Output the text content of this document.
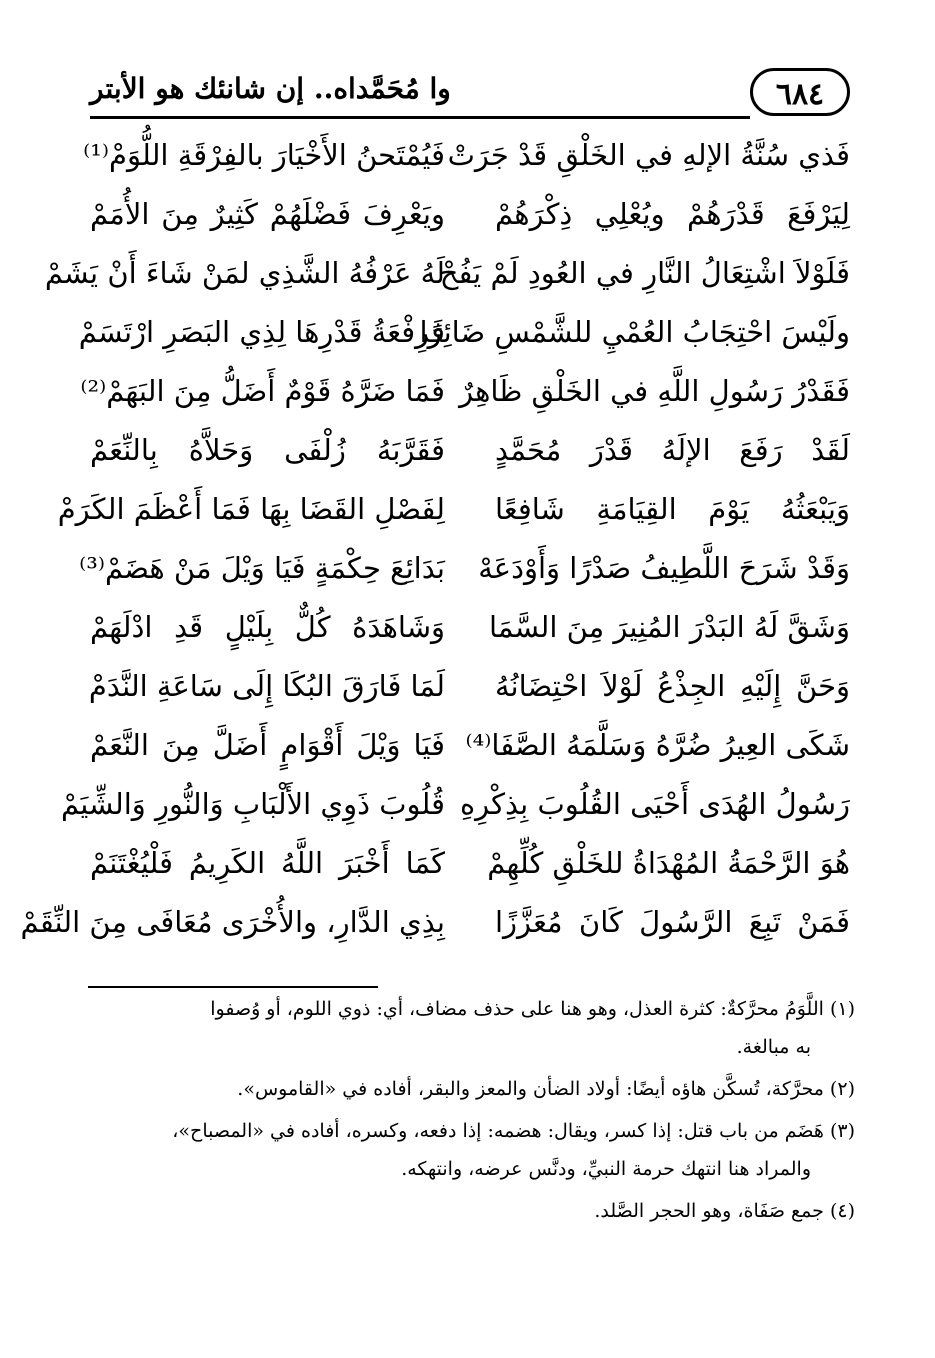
٦٨٤
وا مُحَمَّداه.. إن شانئك هو الأبتر
فَذي سُنَّةُ الإلهِ في الخَلْقِ قَدْ جَرَتْ
فَيُمْتَحنُ الأَخْيَارَ بالفِرْقَةِ اللُّوَمْ⁽¹⁾
لِيَرْفَعَ قَدْرَهُمْ ويُعْلِي ذِكْرَهُمْ
ويَعْرِفَ فَضْلَهُمْ كَثِيرٌ مِنَ الأُمَمْ
فَلَوْلاَ اشْتِعَالُ النَّارِ في العُودِ لَمْ يَفُحْ
لَهُ عَرْفُهُ الشَّذِي لمَنْ شَاءَ أَنْ يَشَمْ
ولَيْسَ احْتِجَابُ العُمْيِ للشَّمْسِ ضَائِرًا
فَرِفْعَةُ قَدْرِهَا لِذِي البَصَرِ ارْتَسَمْ
فَقَدْرُ رَسُولِ اللَّهِ في الخَلْقِ ظَاهِرٌ
فَمَا ضَرَّهُ قَوْمٌ أَضَلُّ مِنَ البَهَمْ⁽²⁾
لَقَدْ رَفَعَ الإلَهُ قَدْرَ مُحَمَّدٍ
فَقَرَّبَهُ زُلْفَى وَحَلاَّهُ بِالنِّعَمْ
وَيَبْعَثُهُ يَوْمَ القِيَامَةِ شَافِعًا
لِفَصْلِ القَضَا بِهَا فَمَا أَعْظَمَ الكَرَمْ
وَقَدْ شَرَحَ اللَّطِيفُ صَدْرًا وَأَوْدَعَهْ
بَدَائِعَ حِكْمَةٍ فَيَا وَيْلَ مَنْ هَضَمْ⁽³⁾
وَشَقَّ لَهُ البَدْرَ المُنِيرَ مِنَ السَّمَا
وَشَاهَدَهُ كُلٌّ بِلَيْلٍ قَدِ ادْلَهَمْ
وَحَنَّ إِلَيْهِ الجِذْعُ لَوْلاَ احْتِضَانُهُ
لَمَا فَارَقَ البُكَا إِلَى سَاعَةِ النَّدَمْ
شَكَى العِيرُ ضُرَّهُ وَسَلَّمَهُ الصَّفَا⁽⁴⁾
فَيَا وَيْلَ أَقْوَامٍ أَضَلَّ مِنَ النَّعَمْ
رَسُولُ الهُدَى أَحْيَى القُلُوبَ بِذِكْرِهِ
قُلُوبَ ذَوِي الأَلْبَابِ وَالنُّورِ وَالشِّيَمْ
هُوَ الرَّحْمَةُ المُهْدَاةُ للخَلْقِ كُلِّهِمْ
كَمَا أَخْبَرَ اللَّهُ الكَرِيمُ فَلْيُغْتَنَمْ
فَمَنْ تَبِعَ الرَّسُولَ كَانَ مُعَزَّزًا
بِذِي الدَّارِ، والأُخْرَى مُعَافَى مِنَ النِّقَمْ
(١) اللَّوَمُ محرَّكةٌ: كثرة العذل، وهو هنا على حذف مضاف، أي: ذوي اللوم، أو وُصفوا
به مبالغة.
(٢) محرَّكة، تُسكَّن هاؤه أيضًا: أولاد الضأن والمعز والبقر، أفاده في «القاموس».
(٣) هَضَم من باب قتل: إذا كسر، ويقال: هضمه: إذا دفعه، وكسره، أفاده في «المصباح»،
والمراد هنا انتهك حرمة النبيِّ، ودنَّس عرضه، وانتهكه.
(٤) جمع صَفَاة، وهو الحجر الصَّلد.
